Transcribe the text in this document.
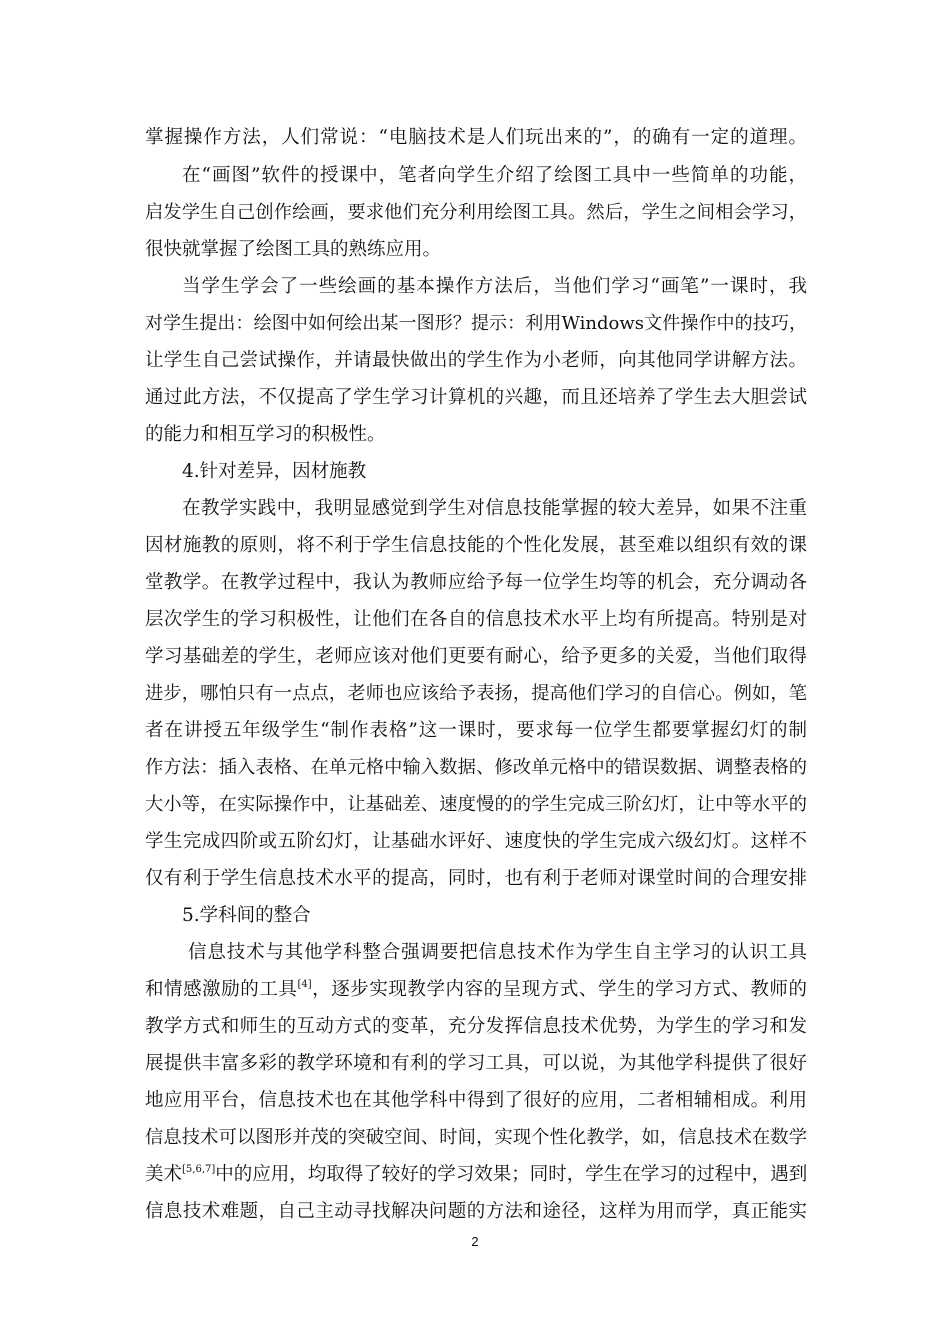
掌握操作方法，人们常说：“电脑技术是人们玩出来的”，的确有一定的道理。
在“画图”软件的授课中，笔者向学生介绍了绘图工具中一些简单的功能，
启发学生自己创作绘画，要求他们充分利用绘图工具。然后，学生之间相会学习，
很快就掌握了绘图工具的熟练应用。
当学生学会了一些绘画的基本操作方法后，当他们学习“画笔”一课时，我
对学生提出：绘图中如何绘出某一图形？提示：利用Windows文件操作中的技巧，
让学生自己尝试操作，并请最快做出的学生作为小老师，向其他同学讲解方法。
通过此方法，不仅提高了学生学习计算机的兴趣，而且还培养了学生去大胆尝试
的能力和相互学习的积极性。
4.针对差异，因材施教
在教学实践中，我明显感觉到学生对信息技能掌握的较大差异，如果不注重
因材施教的原则，将不利于学生信息技能的个性化发展，甚至难以组织有效的课
堂教学。在教学过程中，我认为教师应给予每一位学生均等的机会，充分调动各
层次学生的学习积极性，让他们在各自的信息技术水平上均有所提高。特别是对
学习基础差的学生，老师应该对他们更要有耐心，给予更多的关爱，当他们取得
进步，哪怕只有一点点，老师也应该给予表扬，提高他们学习的自信心。例如，笔
者在讲授五年级学生“制作表格”这一课时，要求每一位学生都要掌握幻灯的制
作方法：插入表格、在单元格中输入数据、修改单元格中的错误数据、调整表格的
大小等，在实际操作中，让基础差、速度慢的的学生完成三阶幻灯，让中等水平的
学生完成四阶或五阶幻灯，让基础水评好、速度快的学生完成六级幻灯。这样不
仅有利于学生信息技术水平的提高，同时，也有利于老师对课堂时间的合理安排
5.学科间的整合
信息技术与其他学科整合强调要把信息技术作为学生自主学习的认识工具
和情感激励的工具[4]，逐步实现教学内容的呈现方式、学生的学习方式、教师的
教学方式和师生的互动方式的变革，充分发挥信息技术优势，为学生的学习和发
展提供丰富多彩的教学环境和有利的学习工具，可以说，为其他学科提供了很好
地应用平台，信息技术也在其他学科中得到了很好的应用，二者相辅相成。利用
信息技术可以图形并茂的突破空间、时间，实现个性化教学，如，信息技术在数学
美术[5,6,7]中的应用，均取得了较好的学习效果；同时，学生在学习的过程中，遇到
信息技术难题，自己主动寻找解决问题的方法和途径，这样为用而学，真正能实
2
